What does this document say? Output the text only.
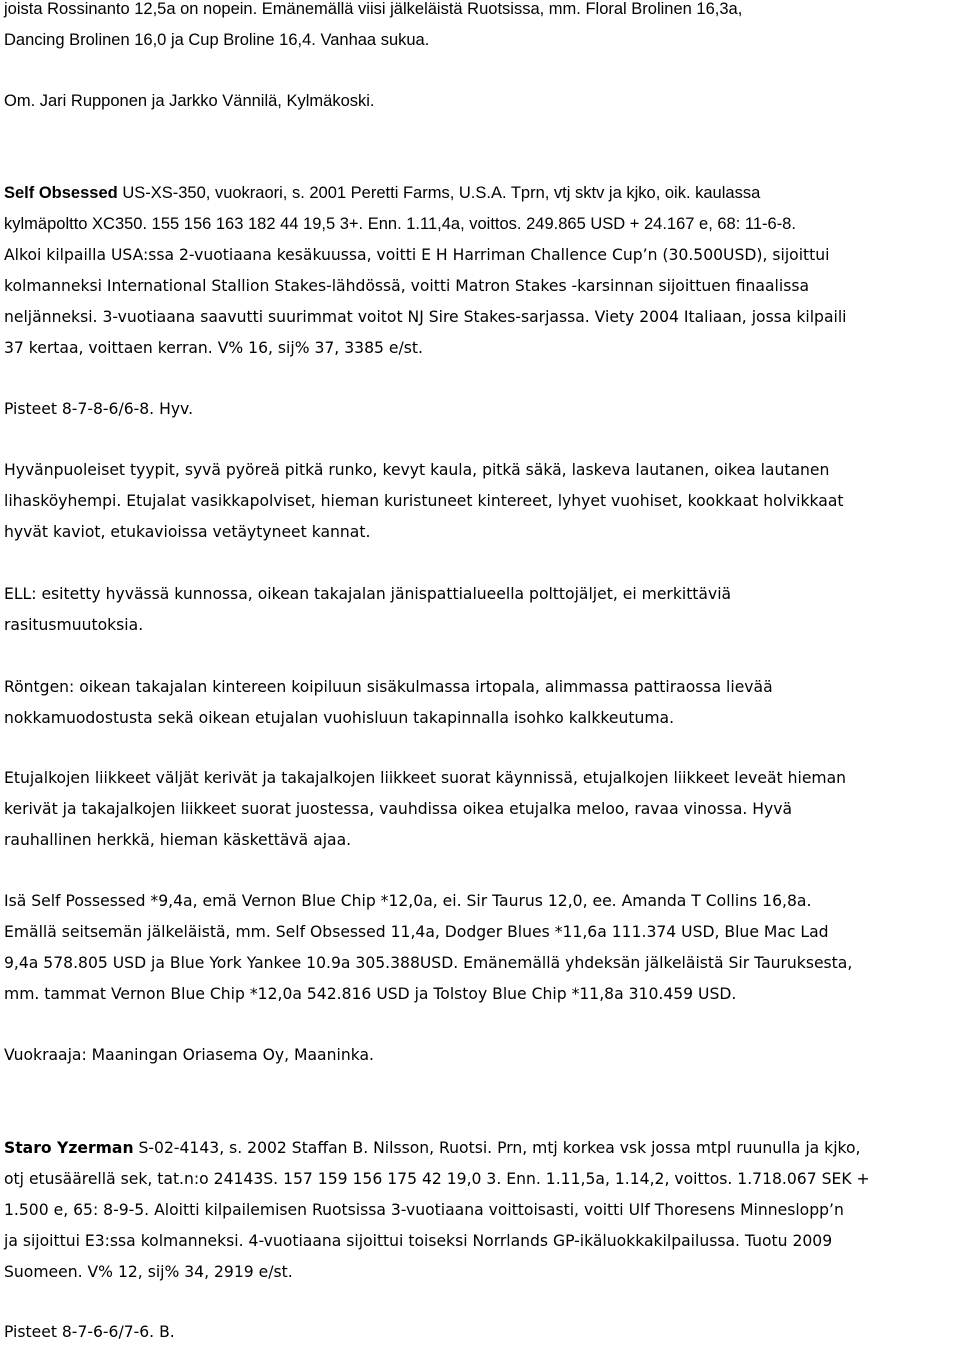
joista Rossinanto 12,5a on nopein. Emänemällä viisi jälkeläistä Ruotsissa, mm. Floral Brolinen 16,3a,

Dancing Brolinen 16,0 ja Cup Broline 16,4. Vanhaa sukua.

Om. Jari Rupponen ja Jarkko Vännilä, Kylmäkoski.

Self Obsessed US-XS-350, vuokraori, s. 2001 Peretti Farms, U.S.A. Tprn, vtj sktv ja kjko, oik. kaulassa

kylmäpoltto XC350. 155 156 163 182 44 19,5 3+. Enn. 1.11,4a, voittos. 249.865 USD + 24.167 e, 68: 11-6-8.

Alkoi kilpailla USA:ssa 2-vuotiaana kesäkuussa, voitti E H Harriman Challence Cup’n (30.500USD), sijoittui

kolmanneksi International Stallion Stakes-lähdössä, voitti Matron Stakes -karsinnan sijoittuen finaalissa

neljänneksi. 3-vuotiaana saavutti suurimmat voitot NJ Sire Stakes-sarjassa. Viety 2004 Italiaan, jossa kilpaili

37 kertaa, voittaen kerran. V% 16, sij% 37, 3385 e/st.

Pisteet 8-7-8-6/6-8. Hyv.

Hyvänpuoleiset tyypit, syvä pyöreä pitkä runko, kevyt kaula, pitkä säkä, laskeva lautanen, oikea lautanen

lihasköyhempi. Etujalat vasikkapolviset, hieman kuristuneet kintereet, lyhyet vuohiset, kookkaat holvikkaat

hyvät kaviot, etukavioissa vetäytyneet kannat.

ELL: esitetty hyvässä kunnossa, oikean takajalan jänispattialueella polttojäljet, ei merkittäviä

rasitusmuutoksia.

Röntgen: oikean takajalan kintereen koipiluun sisäkulmassa irtopala, alimmassa pattiraossa lievää

nokkamuodostusta sekä oikean etujalan vuohisluun takapinnalla isohko kalkkeutuma.

Etujalkojen liikkeet väljät kerivät ja takajalkojen liikkeet suorat käynnissä, etujalkojen liikkeet leveät hieman

kerivät ja takajalkojen liikkeet suorat juostessa, vauhdissa oikea etujalka meloo, ravaa vinossa. Hyvä

rauhallinen herkkä, hieman käskettävä ajaa.

Isä Self Possessed *9,4a, emä Vernon Blue Chip *12,0a, ei. Sir Taurus 12,0, ee. Amanda T Collins 16,8a.

Emällä seitsemän jälkeläistä, mm. Self Obsessed 11,4a, Dodger Blues *11,6a 111.374 USD, Blue Mac Lad

9,4a 578.805 USD ja Blue York Yankee 10.9a 305.388USD. Emänemällä yhdeksän jälkeläistä Sir Tauruksesta,

mm. tammat Vernon Blue Chip *12,0a 542.816 USD ja Tolstoy Blue Chip *11,8a 310.459 USD.

Vuokraaja: Maaningan Oriasema Oy, Maaninka.

Staro Yzerman S-02-4143, s. 2002 Staffan B. Nilsson, Ruotsi. Prn, mtj korkea vsk jossa mtpl ruunulla ja kjko,

otj etusäärellä sek, tat.n:o 24143S. 157 159 156 175 42 19,0 3. Enn. 1.11,5a, 1.14,2, voittos. 1.718.067 SEK +

1.500 e, 65: 8-9-5. Aloitti kilpailemisen Ruotsissa 3-vuotiaana voittoisasti, voitti Ulf Thoresens Minneslopp’n

ja sijoittui E3:ssa kolmanneksi. 4-vuotiaana sijoittui toiseksi Norrlands GP-ikäluokkakilpailussa. Tuotu 2009

Suomeen. V% 12, sij% 34, 2919 e/st.

Pisteet 8-7-6-6/7-6. B.
